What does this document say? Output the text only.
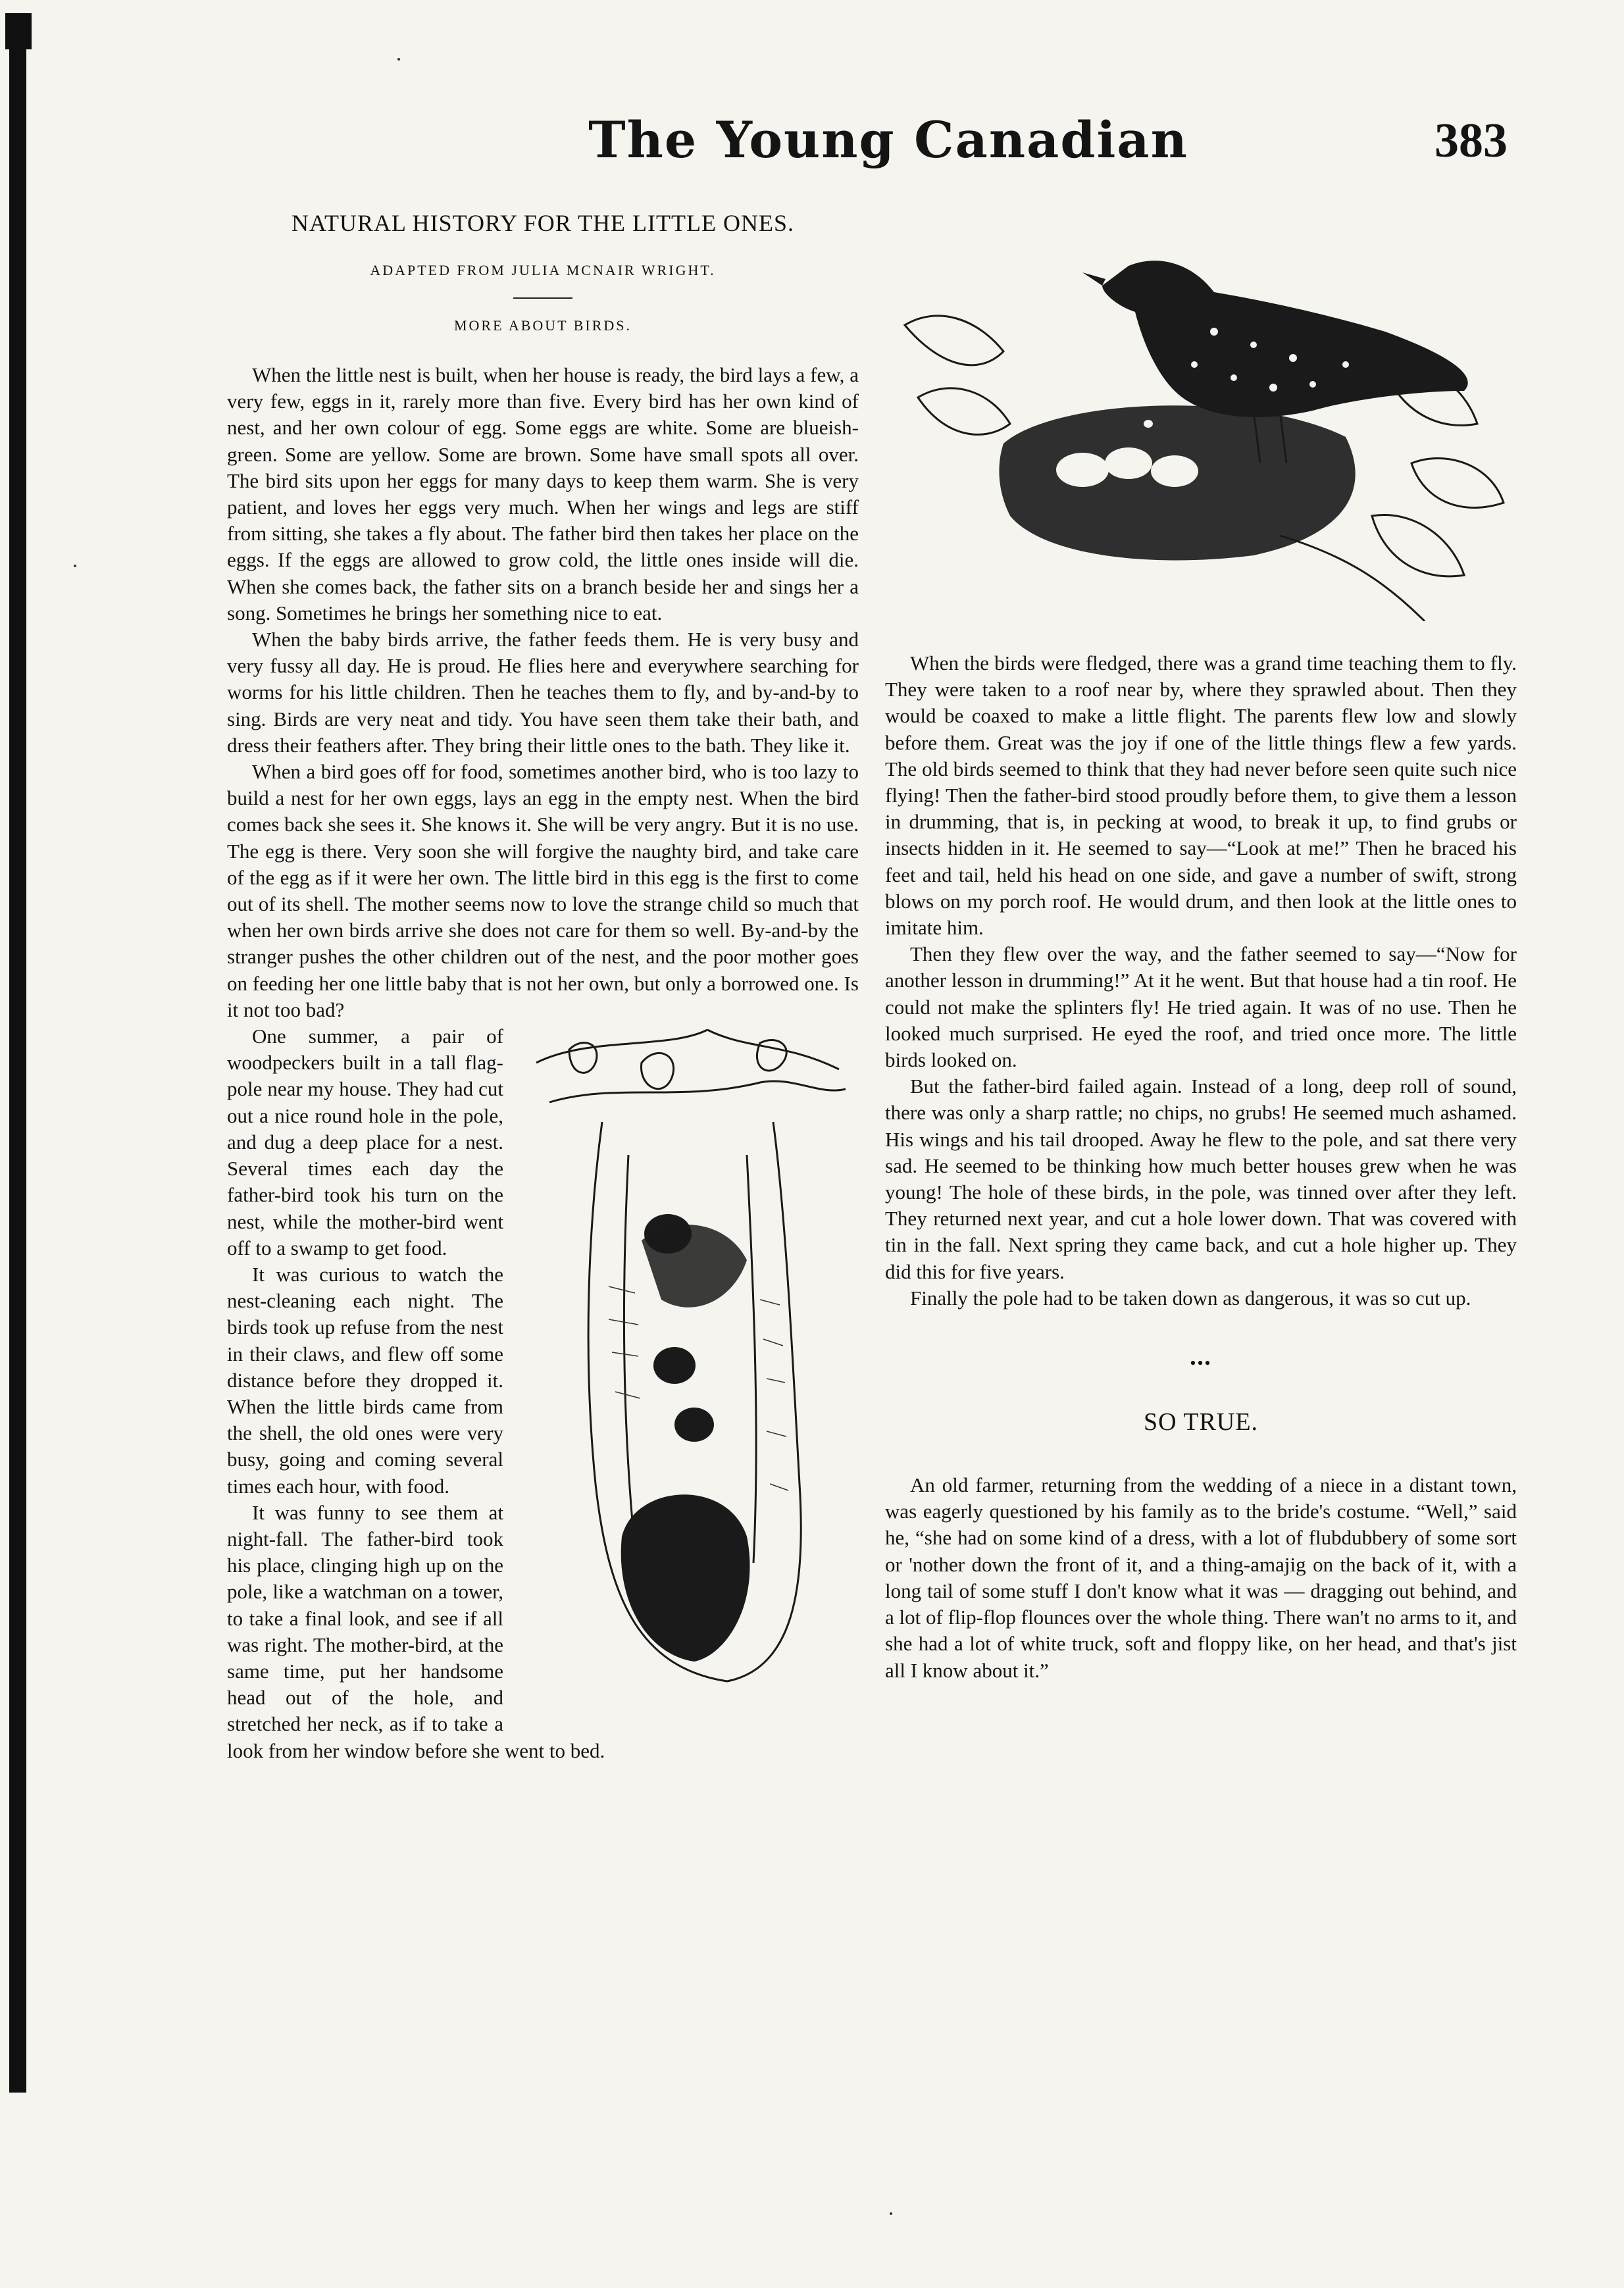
The Young Canadian	383
NATURAL HISTORY FOR THE LITTLE ONES.
ADAPTED FROM JULIA MCNAIR WRIGHT.
MORE ABOUT BIRDS.

When the little nest is built, when her house is ready, the bird lays a few, a very few, eggs in it, rarely more than five. Every bird has her own kind of nest, and her own colour of egg. Some eggs are white. Some are blueish-green. Some are yellow. Some are brown. Some have small spots all over. The bird sits upon her eggs for many days to keep them warm. She is very patient, and loves her eggs very much. When her wings and legs are stiff from sitting, she takes a fly about. The father bird then takes her place on the eggs. If the eggs are allowed to grow cold, the little ones inside will die. When she comes back, the father sits on a branch beside her and sings her a song. Sometimes he brings her something nice to eat.

When the baby birds arrive, the father feeds them. He is very busy and very fussy all day. He is proud. He flies here and everywhere searching for worms for his little children. Then he teaches them to fly, and by-and-by to sing. Birds are very neat and tidy. You have seen them take their bath, and dress their feathers after. They bring their little ones to the bath. They like it.

When a bird goes off for food, sometimes another bird, who is too lazy to build a nest for her own eggs, lays an egg in the empty nest. When the bird comes back she sees it. She knows it. She will be very angry. But it is no use. The egg is there. Very soon she will forgive the naughty bird, and take care of the egg as if it were her own. The little bird in this egg is the first to come out of its shell. The mother seems now to love the strange child so much that when her own birds arrive she does not care for them so well. By-and-by the stranger pushes the other children out of the nest, and the poor mother goes on feeding her one little baby that is not her own, but only a borrowed one. Is it not too bad?

One summer, a pair of woodpeckers built in a tall flag-pole near my house. They had cut out a nice round hole in the pole, and dug a deep place for a nest. Several times each day the father-bird took his turn on the nest, while the mother-bird went off to a swamp to get food.

It was curious to watch the nest-cleaning each night. The birds took up refuse from the nest in their claws, and flew off some distance before they dropped it. When the little birds came from the shell, the old ones were very busy, going and coming several times each hour, with food.

It was funny to see them at night-fall. The father-bird took his place, clinging high up on the pole, like a watchman on a tower, to take a final look, and see if all was right. The mother-bird, at the same time, put her handsome head out of the hole, and stretched her neck, as if to take a look from her window before she went to bed.

When the birds were fledged, there was a grand time teaching them to fly. They were taken to a roof near by, where they sprawled about. Then they would be coaxed to make a little flight. The parents flew low and slowly before them. Great was the joy if one of the little things flew a few yards. The old birds seemed to think that they had never before seen quite such nice flying! Then the father-bird stood proudly before them, to give them a lesson in drumming, that is, in pecking at wood, to break it up, to find grubs or insects hidden in it. He seemed to say—“Look at me!” Then he braced his feet and tail, held his head on one side, and gave a number of swift, strong blows on my porch roof. He would drum, and then look at the little ones to imitate him.

Then they flew over the way, and the father seemed to say—“Now for another lesson in drumming!” At it he went. But that house had a tin roof. He could not make the splinters fly! He tried again. It was of no use. Then he looked much surprised. He eyed the roof, and tried once more. The little birds looked on.

But the father-bird failed again. Instead of a long, deep roll of sound, there was only a sharp rattle; no chips, no grubs! He seemed much ashamed. His wings and his tail drooped. Away he flew to the pole, and sat there very sad. He seemed to be thinking how much better houses grew when he was young! The hole of these birds, in the pole, was tinned over after they left. They returned next year, and cut a hole lower down. That was covered with tin in the fall. Next spring they came back, and cut a hole higher up. They did this for five years.

Finally the pole had to be taken down as dangerous, it was so cut up.

•••
SO TRUE.

An old farmer, returning from the wedding of a niece in a distant town, was eagerly questioned by his family as to the bride's costume. “Well,” said he, “she had on some kind of a dress, with a lot of flubdubbery of some sort or 'nother down the front of it, and a thing-amajig on the back of it, with a long tail of some stuff I don't know what it was — dragging out behind, and a lot of flip-flop flounces over the whole thing. There wan't no arms to it, and she had a lot of white truck, soft and floppy like, on her head, and that's jist all I know about it.”
